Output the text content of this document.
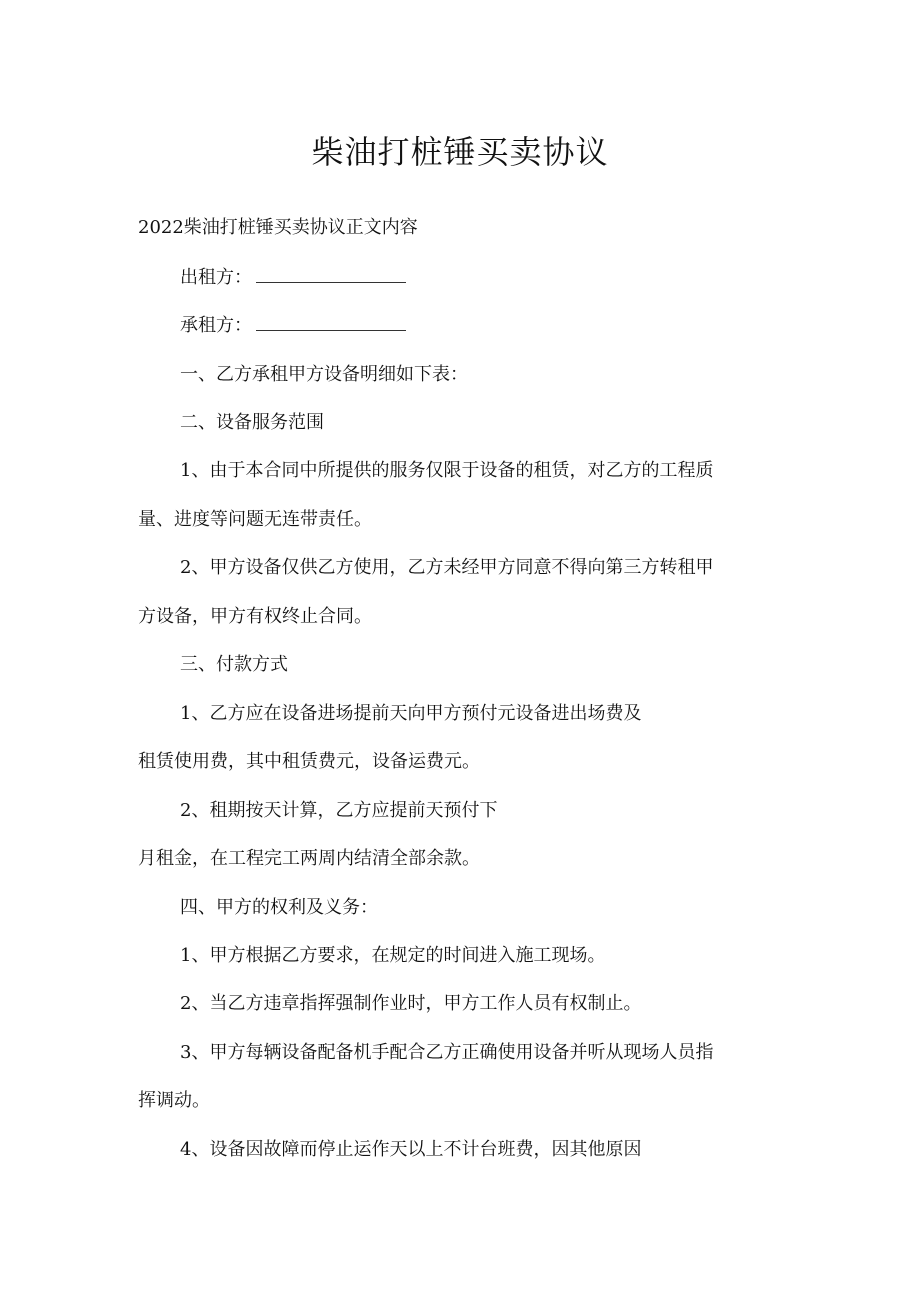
柴油打桩锤买卖协议
2022柴油打桩锤买卖协议正文内容
出租方：
承租方：
一、乙方承租甲方设备明细如下表：
二、设备服务范围
1、由于本合同中所提供的服务仅限于设备的租赁，对乙方的工程质
量、进度等问题无连带责任。
2、甲方设备仅供乙方使用，乙方未经甲方同意不得向第三方转租甲
方设备，甲方有权终止合同。
三、付款方式
1、乙方应在设备进场提前天向甲方预付元设备进出场费及
租赁使用费，其中租赁费元，设备运费元。
2、租期按天计算，乙方应提前天预付下
月租金，在工程完工两周内结清全部余款。
四、甲方的权利及义务：
1、甲方根据乙方要求，在规定的时间进入施工现场。
2、当乙方违章指挥强制作业时，甲方工作人员有权制止。
3、甲方每辆设备配备机手配合乙方正确使用设备并听从现场人员指
挥调动。
4、设备因故障而停止运作天以上不计台班费，因其他原因
